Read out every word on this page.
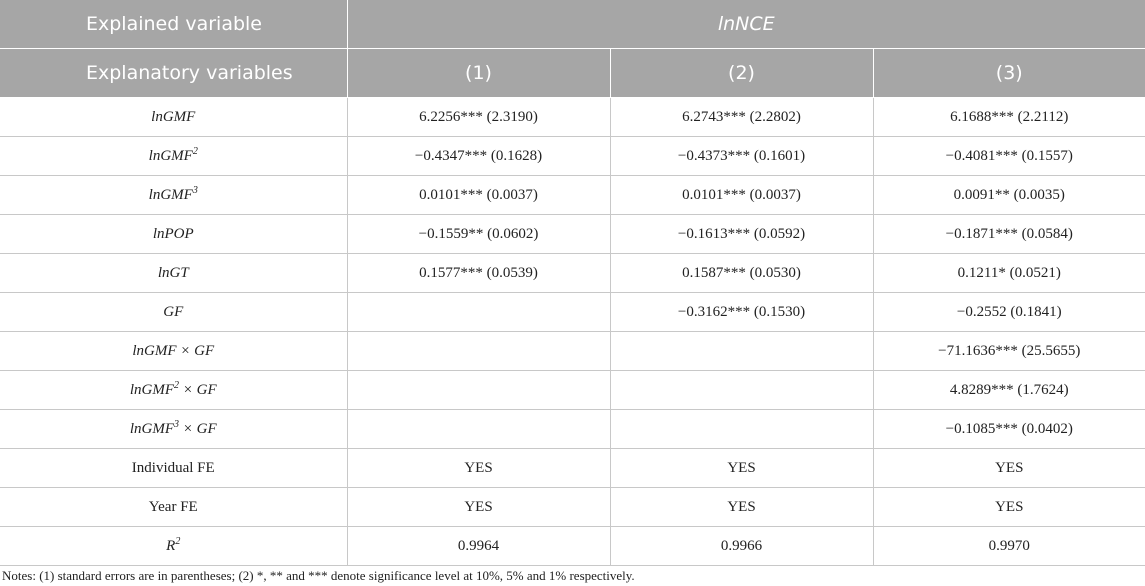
Explained variable	lnNCE		
Explanatory variables	(1)	(2)	(3)
lnGMF	6.2256*** (2.3190)	6.2743*** (2.2802)	6.1688*** (2.2112)
lnGMF$^2$	−0.4347*** (0.1628)	−0.4373*** (0.1601)	−0.4081*** (0.1557)
lnGMF$^3$	0.0101*** (0.0037)	0.0101*** (0.0037)	0.0091** (0.0035)
lnPOP	−0.1559** (0.0602)	−0.1613*** (0.0592)	−0.1871*** (0.0584)
lnGT	0.1577*** (0.0539)	0.1587*** (0.0530)	0.1211* (0.0521)
GF		−0.3162*** (0.1530)	−0.2552 (0.1841)
lnGMF × GF			−71.1636*** (25.5655)
lnGMF$^2$ × GF			4.8289*** (1.7624)
lnGMF$^3$ × GF			−0.1085*** (0.0402)
Individual FE	YES	YES	YES
Year FE	YES	YES	YES
$R^2$	0.9964	0.9966	0.9970
Notes: (1) standard errors are in parentheses; (2) *, ** and *** denote significance level at 10%, 5% and 1% respectively.
